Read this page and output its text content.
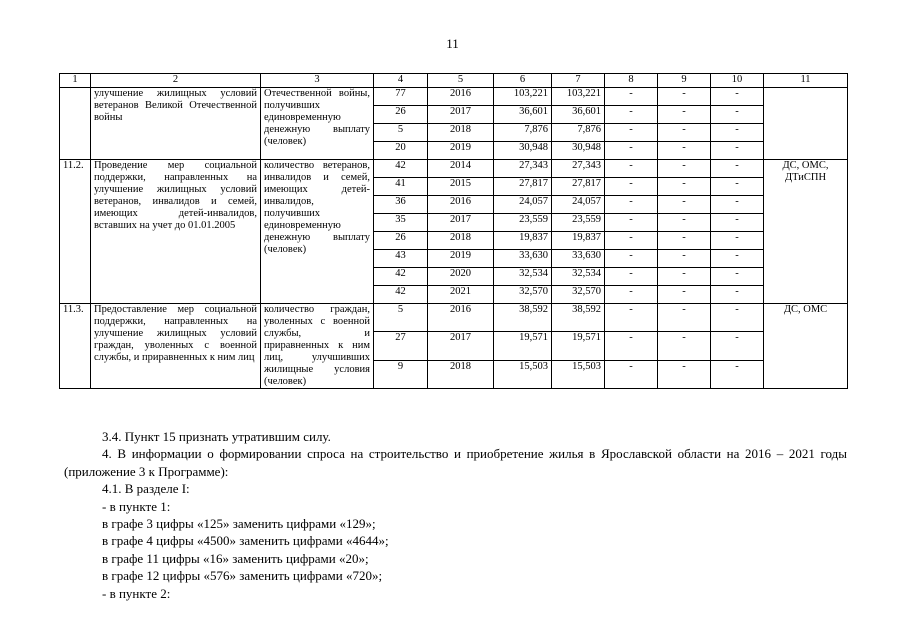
11
1	2	3	4	5	6	7	8	9	10	11
	улучшение жилищных условий ветеранов Великой Отечественной войны	Отечественной войны, получивших единовременную денежную выплату (человек)	77	2016	103,221	103,221	-	-	-	
			26	2017	36,601	36,601	-	-	-	
			5	2018	7,876	7,876	-	-	-	
			20	2019	30,948	30,948	-	-	-	
11.2.	Проведение мер социальной поддержки, направленных на улучшение жилищных условий ветеранов, инвалидов и семей, имеющих детей-инвалидов, вставших на учет до 01.01.2005	количество ветеранов, инвалидов и семей, имеющих детей-инвалидов, получивших единовременную денежную выплату (человек)	42	2014	27,343	27,343	-	-	-	ДС, ОМС, ДТиСПН
			41	2015	27,817	27,817	-	-	-	
			36	2016	24,057	24,057	-	-	-	
			35	2017	23,559	23,559	-	-	-	
			26	2018	19,837	19,837	-	-	-	
			43	2019	33,630	33,630	-	-	-	
			42	2020	32,534	32,534	-	-	-	
			42	2021	32,570	32,570	-	-	-	
11.3.	Предоставление мер социальной поддержки, направленных на улучшение жилищных условий граждан, уволенных с военной службы, и приравненных к ним лиц	количество граждан, уволенных с военной службы, и приравненных к ним лиц, улучшивших жилищные условия (человек)	5	2016	38,592	38,592	-	-	-	ДС, ОМС
			27	2017	19,571	19,571	-	-	-	
			9	2018	15,503	15,503	-	-	-	

3.4. Пункт 15 признать утратившим силу.

4. В информации о формировании спроса на строительство и приобретение жилья в Ярославской области на 2016 – 2021 годы (приложение 3 к Программе):

4.1. В разделе I:

- в пункте 1:

в графе 3 цифры «125» заменить цифрами «129»;

в графе 4 цифры «4500» заменить цифрами «4644»;

в графе 11 цифры «16» заменить цифрами «20»;

в графе 12 цифры «576» заменить цифрами «720»;

- в пункте 2:
